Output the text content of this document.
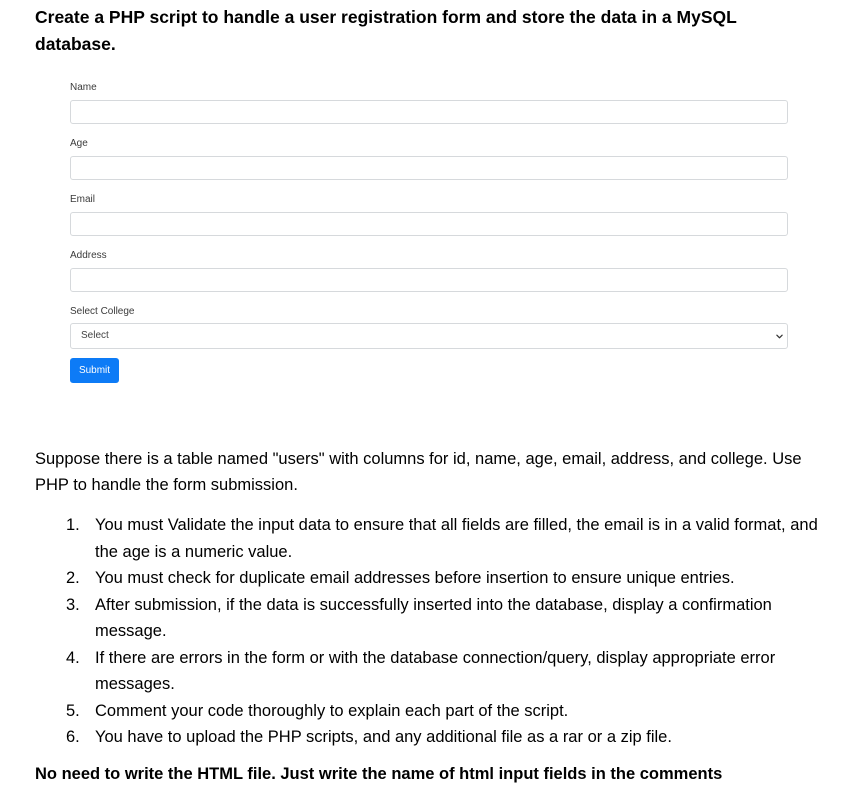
Create a PHP script to handle a user registration form and store the data in a MySQL database.
Name
Age
Email
Address
Select College
Select
Submit

Suppose there is a table named "users" with columns for id, name, age, email, address, and college. Use PHP to handle the form submission.

1. You must Validate the input data to ensure that all fields are filled, the email is in a valid format, and the age is a numeric value.
2. You must check for duplicate email addresses before insertion to ensure unique entries.
3. After submission, if the data is successfully inserted into the database, display a confirmation message.
4. If there are errors in the form or with the database connection/query, display appropriate error messages.
5. Comment your code thoroughly to explain each part of the script.
6. You have to upload the PHP scripts, and any additional file as a rar or a zip file.

No need to write the HTML file. Just write the name of html input fields in the comments
